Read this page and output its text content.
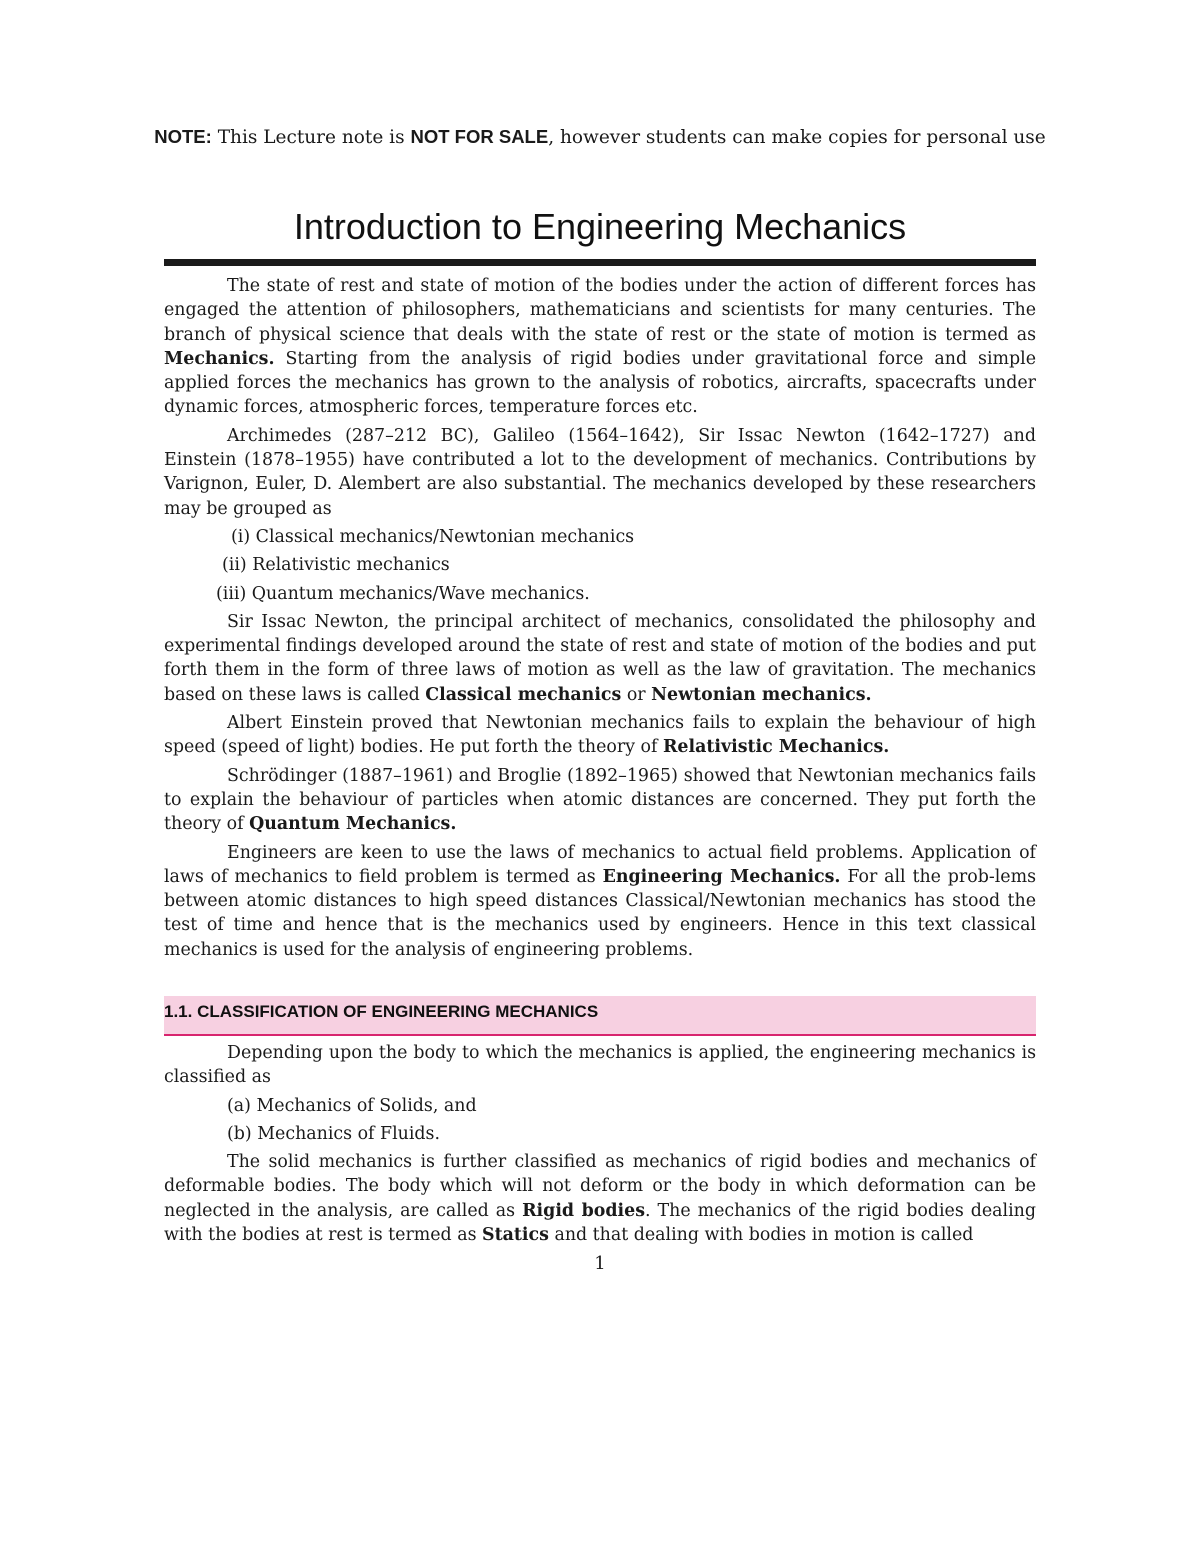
NOTE: This Lecture note is NOT FOR SALE, however students can make copies for personal use
Introduction to Engineering Mechanics

The state of rest and state of motion of the bodies under the action of different forces has engaged the attention of philosophers, mathematicians and scientists for many centuries. The branch of physical science that deals with the state of rest or the state of motion is termed as Mechanics. Starting from the analysis of rigid bodies under gravitational force and simple applied forces the mechanics has grown to the analysis of robotics, aircrafts, spacecrafts under dynamic forces, atmospheric forces, temperature forces etc.

Archimedes (287–212 BC), Galileo (1564–1642), Sir Issac Newton (1642–1727) and Einstein (1878–1955) have contributed a lot to the development of mechanics. Contributions by Varignon, Euler, D. Alembert are also substantial. The mechanics developed by these researchers may be grouped as

(i) Classical mechanics/Newtonian mechanics
(ii) Relativistic mechanics
(iii) Quantum mechanics/Wave mechanics.

Sir Issac Newton, the principal architect of mechanics, consolidated the philosophy and experimental findings developed around the state of rest and state of motion of the bodies and put forth them in the form of three laws of motion as well as the law of gravitation. The mechanics based on these laws is called Classical mechanics or Newtonian mechanics.

Albert Einstein proved that Newtonian mechanics fails to explain the behaviour of high speed (speed of light) bodies. He put forth the theory of Relativistic Mechanics.

Schrödinger (1887–1961) and Broglie (1892–1965) showed that Newtonian mechanics fails to explain the behaviour of particles when atomic distances are concerned. They put forth the theory of Quantum Mechanics.

Engineers are keen to use the laws of mechanics to actual field problems. Application of laws of mechanics to field problem is termed as Engineering Mechanics. For all the prob-lems between atomic distances to high speed distances Classical/Newtonian mechanics has stood the test of time and hence that is the mechanics used by engineers. Hence in this text classical mechanics is used for the analysis of engineering problems.

1.1. CLASSIFICATION OF ENGINEERING MECHANICS

Depending upon the body to which the mechanics is applied, the engineering mechanics is classified as

(a) Mechanics of Solids, and
(b) Mechanics of Fluids.

The solid mechanics is further classified as mechanics of rigid bodies and mechanics of deformable bodies. The body which will not deform or the body in which deformation can be neglected in the analysis, are called as Rigid bodies. The mechanics of the rigid bodies dealing with the bodies at rest is termed as Statics and that dealing with bodies in motion is called

1
